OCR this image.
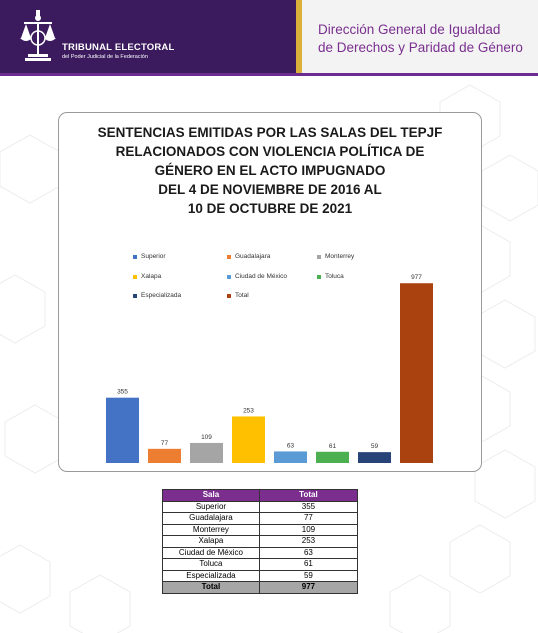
TRIBUNAL ELECTORAL
del Poder Judicial de la Federación
Dirección General de Igualdad
de Derechos y Paridad de Género
SENTENCIAS EMITIDAS POR LAS SALAS DEL TEPJF
RELACIONADOS CON VIOLENCIA POLÍTICA DE
GÉNERO EN EL ACTO IMPUGNADO
DEL 4 DE NOVIEMBRE DE 2016 AL
10 DE OCTUBRE DE 2021
Superior	Guadalajara	Monterrey
Xalapa	Ciudad de México	Toluca
Especializada	Total
355
77
109
253
63	61	59
977
Sala	Total
Superior	355
Guadalajara	77
Monterrey	109
Xalapa	253
Ciudad de México	63
Toluca	61
Especializada	59
Total	977
